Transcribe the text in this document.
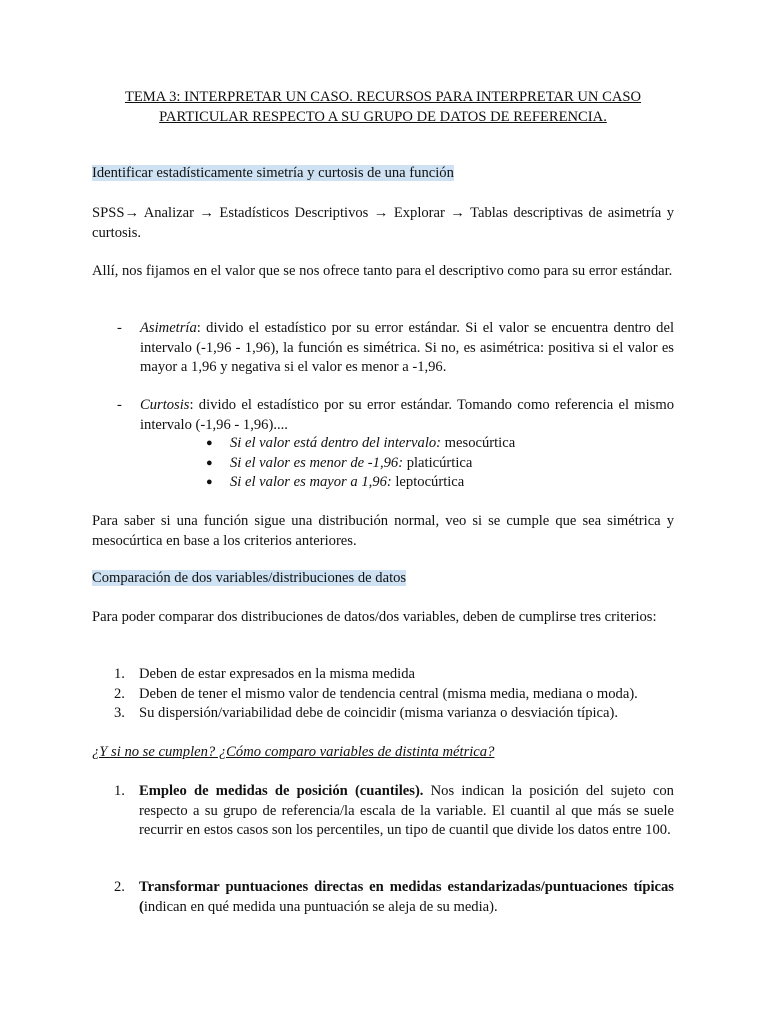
TEMA 3: INTERPRETAR UN CASO. RECURSOS PARA INTERPRETAR UN CASO

PARTICULAR RESPECTO A SU GRUPO DE DATOS DE REFERENCIA.

Identificar estadísticamente simetría y curtosis de una función

SPSS→ Analizar → Estadísticos Descriptivos → Explorar → Tablas descriptivas de asimetría y curtosis.

Allí, nos fijamos en el valor que se nos ofrece tanto para el descriptivo como para su error estándar.

- Asimetría: divido el estadístico por su error estándar. Si el valor se encuentra dentro del intervalo (-1,96 - 1,96), la función es simétrica. Si no, es asimétrica: positiva si el valor es mayor a 1,96 y negativa si el valor es menor a -1,96.

- Curtosis: divido el estadístico por su error estándar. Tomando como referencia el mismo intervalo (-1,96 - 1,96)....

● Si el valor está dentro del intervalo: mesocúrtica
● Si el valor es menor de -1,96: platicúrtica
● Si el valor es mayor a 1,96: leptocúrtica

Para saber si una función sigue una distribución normal, veo si se cumple que sea simétrica y mesocúrtica en base a los criterios anteriores.

Comparación de dos variables/distribuciones de datos

Para poder comparar dos distribuciones de datos/dos variables, deben de cumplirse tres criterios:

1. Deben de estar expresados en la misma medida
2. Deben de tener el mismo valor de tendencia central (misma media, mediana o moda).
3. Su dispersión/variabilidad debe de coincidir (misma varianza o desviación típica).
¿Y si no se cumplen? ¿Cómo comparo variables de distinta métrica?
1. Empleo de medidas de posición (cuantiles). Nos indican la posición del sujeto con respecto a su grupo de referencia/la escala de la variable. El cuantil al que más se suele recurrir en estos casos son los percentiles, un tipo de cuantil que divide los datos entre 100.

2. Transformar puntuaciones directas en medidas estandarizadas/puntuaciones típicas (indican en qué medida una puntuación se aleja de su media).
